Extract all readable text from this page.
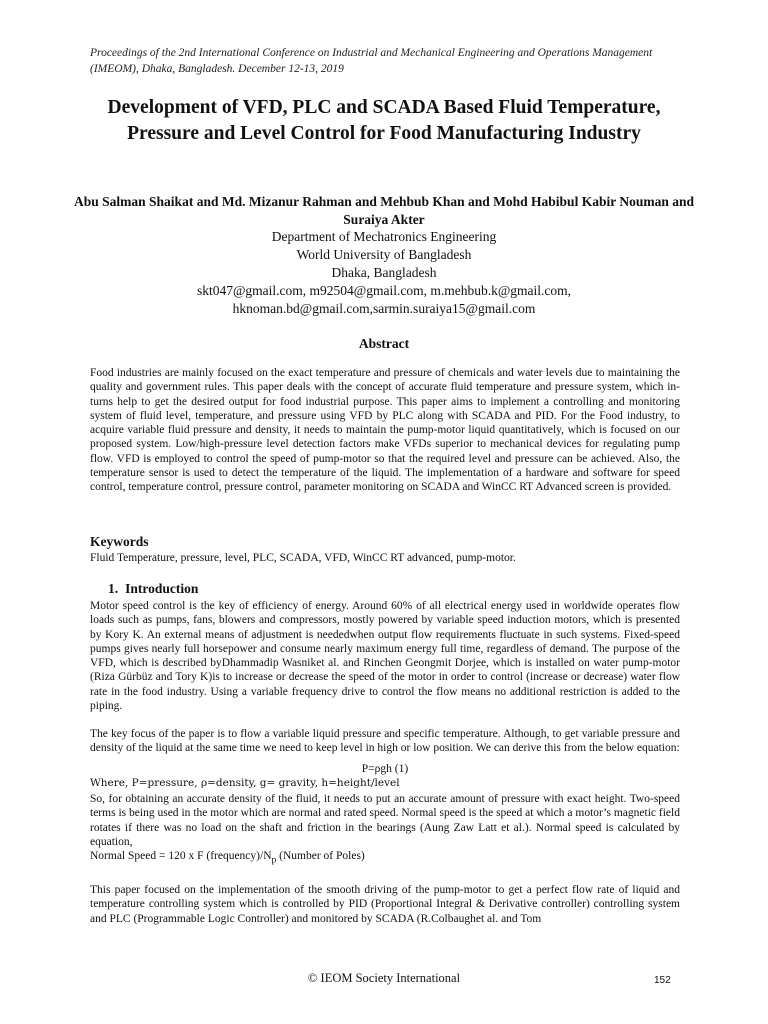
Proceedings of the 2nd International Conference on Industrial and Mechanical Engineering and Operations Management (IMEOM), Dhaka, Bangladesh. December 12-13, 2019
Development of VFD, PLC and SCADA Based Fluid Temperature, Pressure and Level Control for Food Manufacturing Industry
Abu Salman Shaikat and Md. Mizanur Rahman and Mehbub Khan and Mohd Habibul Kabir Nouman and Suraiya Akter
Department of Mechatronics Engineering
World University of Bangladesh
Dhaka, Bangladesh
skt047@gmail.com, m92504@gmail.com, m.mehbub.k@gmail.com,
hknoman.bd@gmail.com,sarmin.suraiya15@gmail.com
Abstract

Food industries are mainly focused on the exact temperature and pressure of chemicals and water levels due to maintaining the quality and government rules. This paper deals with the concept of accurate fluid temperature and pressure system, which in-turns help to get the desired output for food industrial purpose. This paper aims to implement a controlling and monitoring system of fluid level, temperature, and pressure using VFD by PLC along with SCADA and PID. For the Food industry, to acquire variable fluid pressure and density, it needs to maintain the pump-motor liquid quantitatively, which is focused on our proposed system. Low/high-pressure level detection factors make VFDs superior to mechanical devices for regulating pump flow. VFD is employed to control the speed of pump-motor so that the required level and pressure can be achieved. Also, the temperature sensor is used to detect the temperature of the liquid. The implementation of a hardware and software for speed control, temperature control, pressure control, parameter monitoring on SCADA and WinCC RT Advanced screen is provided.

Keywords
Fluid Temperature, pressure, level, PLC, SCADA, VFD, WinCC RT advanced, pump-motor.
1. Introduction

Motor speed control is the key of efficiency of energy. Around 60% of all electrical energy used in worldwide operates flow loads such as pumps, fans, blowers and compressors, mostly powered by variable speed induction motors, which is presented by Kory K. An external means of adjustment is neededwhen output flow requirements fluctuate in such systems. Fixed-speed pumps gives nearly full horsepower and consume nearly maximum energy full time, regardless of demand. The purpose of the VFD, which is described byDhammadip Wasniket al. and Rinchen Geongmit Dorjee, which is installed on water pump-motor (Riza Gürbüz and Tory K)is to increase or decrease the speed of the motor in order to control (increase or decrease) water flow rate in the food industry. Using a variable frequency drive to control the flow means no additional restriction is added to the piping.

The key focus of the paper is to flow a variable liquid pressure and specific temperature. Although, to get variable pressure and density of the liquid at the same time we need to keep level in high or low position. We can derive this from the below equation:

P=ρgh (1)
Where, P=pressure, ρ=density, g= gravity, h=height/level

So, for obtaining an accurate density of the fluid, it needs to put an accurate amount of pressure with exact height. Two-speed terms is being used in the motor which are normal and rated speed. Normal speed is the speed at which a motor’s magnetic field rotates if there was no load on the shaft and friction in the bearings (Aung Zaw Latt et al.). Normal speed is calculated by equation,

Normal Speed = 120 x F $(frequency)/N_p$ (Number of Poles)

This paper focused on the implementation of the smooth driving of the pump-motor to get a perfect flow rate of liquid and temperature controlling system which is controlled by PID (Proportional Integral & Derivative controller) controlling system and PLC (Programmable Logic Controller) and monitored by SCADA (R.Colbaughet al. and Tom

© IEOM Society International	152
